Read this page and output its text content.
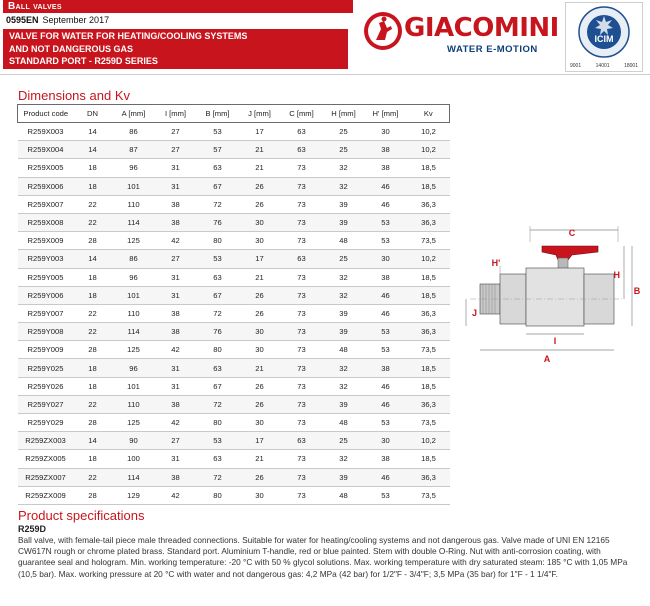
Ball valves
0595EN September 2017
VALVE FOR WATER FOR HEATING/COOLING SYSTEMS
AND NOT DANGEROUS GAS
STANDARD PORT - R259D SERIES
GIACOMINI
WATER E-MOTION
ICIM
9001	14001	18001
Dimensions and Kv
Product code	DN	A [mm]	I [mm]	B [mm]	J [mm]	C [mm]	H [mm]	H' [mm]	Kv
R259X003	14	86	27	53	17	63	25	30	10,2
R259X004	14	87	27	57	21	63	25	38	10,2
R259X005	18	96	31	63	21	73	32	38	18,5
R259X006	18	101	31	67	26	73	32	46	18,5
R259X007	22	110	38	72	26	73	39	46	36,3
R259X008	22	114	38	76	30	73	39	53	36,3
R259X009	28	125	42	80	30	73	48	53	73,5
R259Y003	14	86	27	53	17	63	25	30	10,2
R259Y005	18	96	31	63	21	73	32	38	18,5
R259Y006	18	101	31	67	26	73	32	46	18,5
R259Y007	22	110	38	72	26	73	39	46	36,3
R259Y008	22	114	38	76	30	73	39	53	36,3
R259Y009	28	125	42	80	30	73	48	53	73,5
R259Y025	18	96	31	63	21	73	32	38	18,5
R259Y026	18	101	31	67	26	73	32	46	18,5
R259Y027	22	110	38	72	26	73	39	46	36,3
R259Y029	28	125	42	80	30	73	48	53	73,5
R259ZX003	14	90	27	53	17	63	25	30	10,2
R259ZX005	18	100	31	63	21	73	32	38	18,5
R259ZX007	22	114	38	72	26	73	39	46	36,3
R259ZX009	28	129	42	80	30	73	48	53	73,5
C
H'
H
B
J
I
A
Product specifications

R259D

Ball valve, with female-tail piece male threaded connections. Suitable for water for heating/cooling systems and not dangerous gas. Valve made of UNI EN 12165 CW617N rough or chrome plated brass. Standard port. Aluminium T-handle, red or blue painted. Stem with double O-Ring. Nut with anti-corrosion coating, with guarantee seal and hologram. Min. working temperature: -20 °C with 50 % glycol solutions. Max. working temperature with dry saturated steam: 185 °C with 1,05 MPa (10,5 bar). Max. working pressure at 20 °C with water and not dangerous gas: 4,2 MPa (42 bar) for 1/2"F - 3/4"F; 3,5 MPa (35 bar) for 1"F - 1 1/4"F.
